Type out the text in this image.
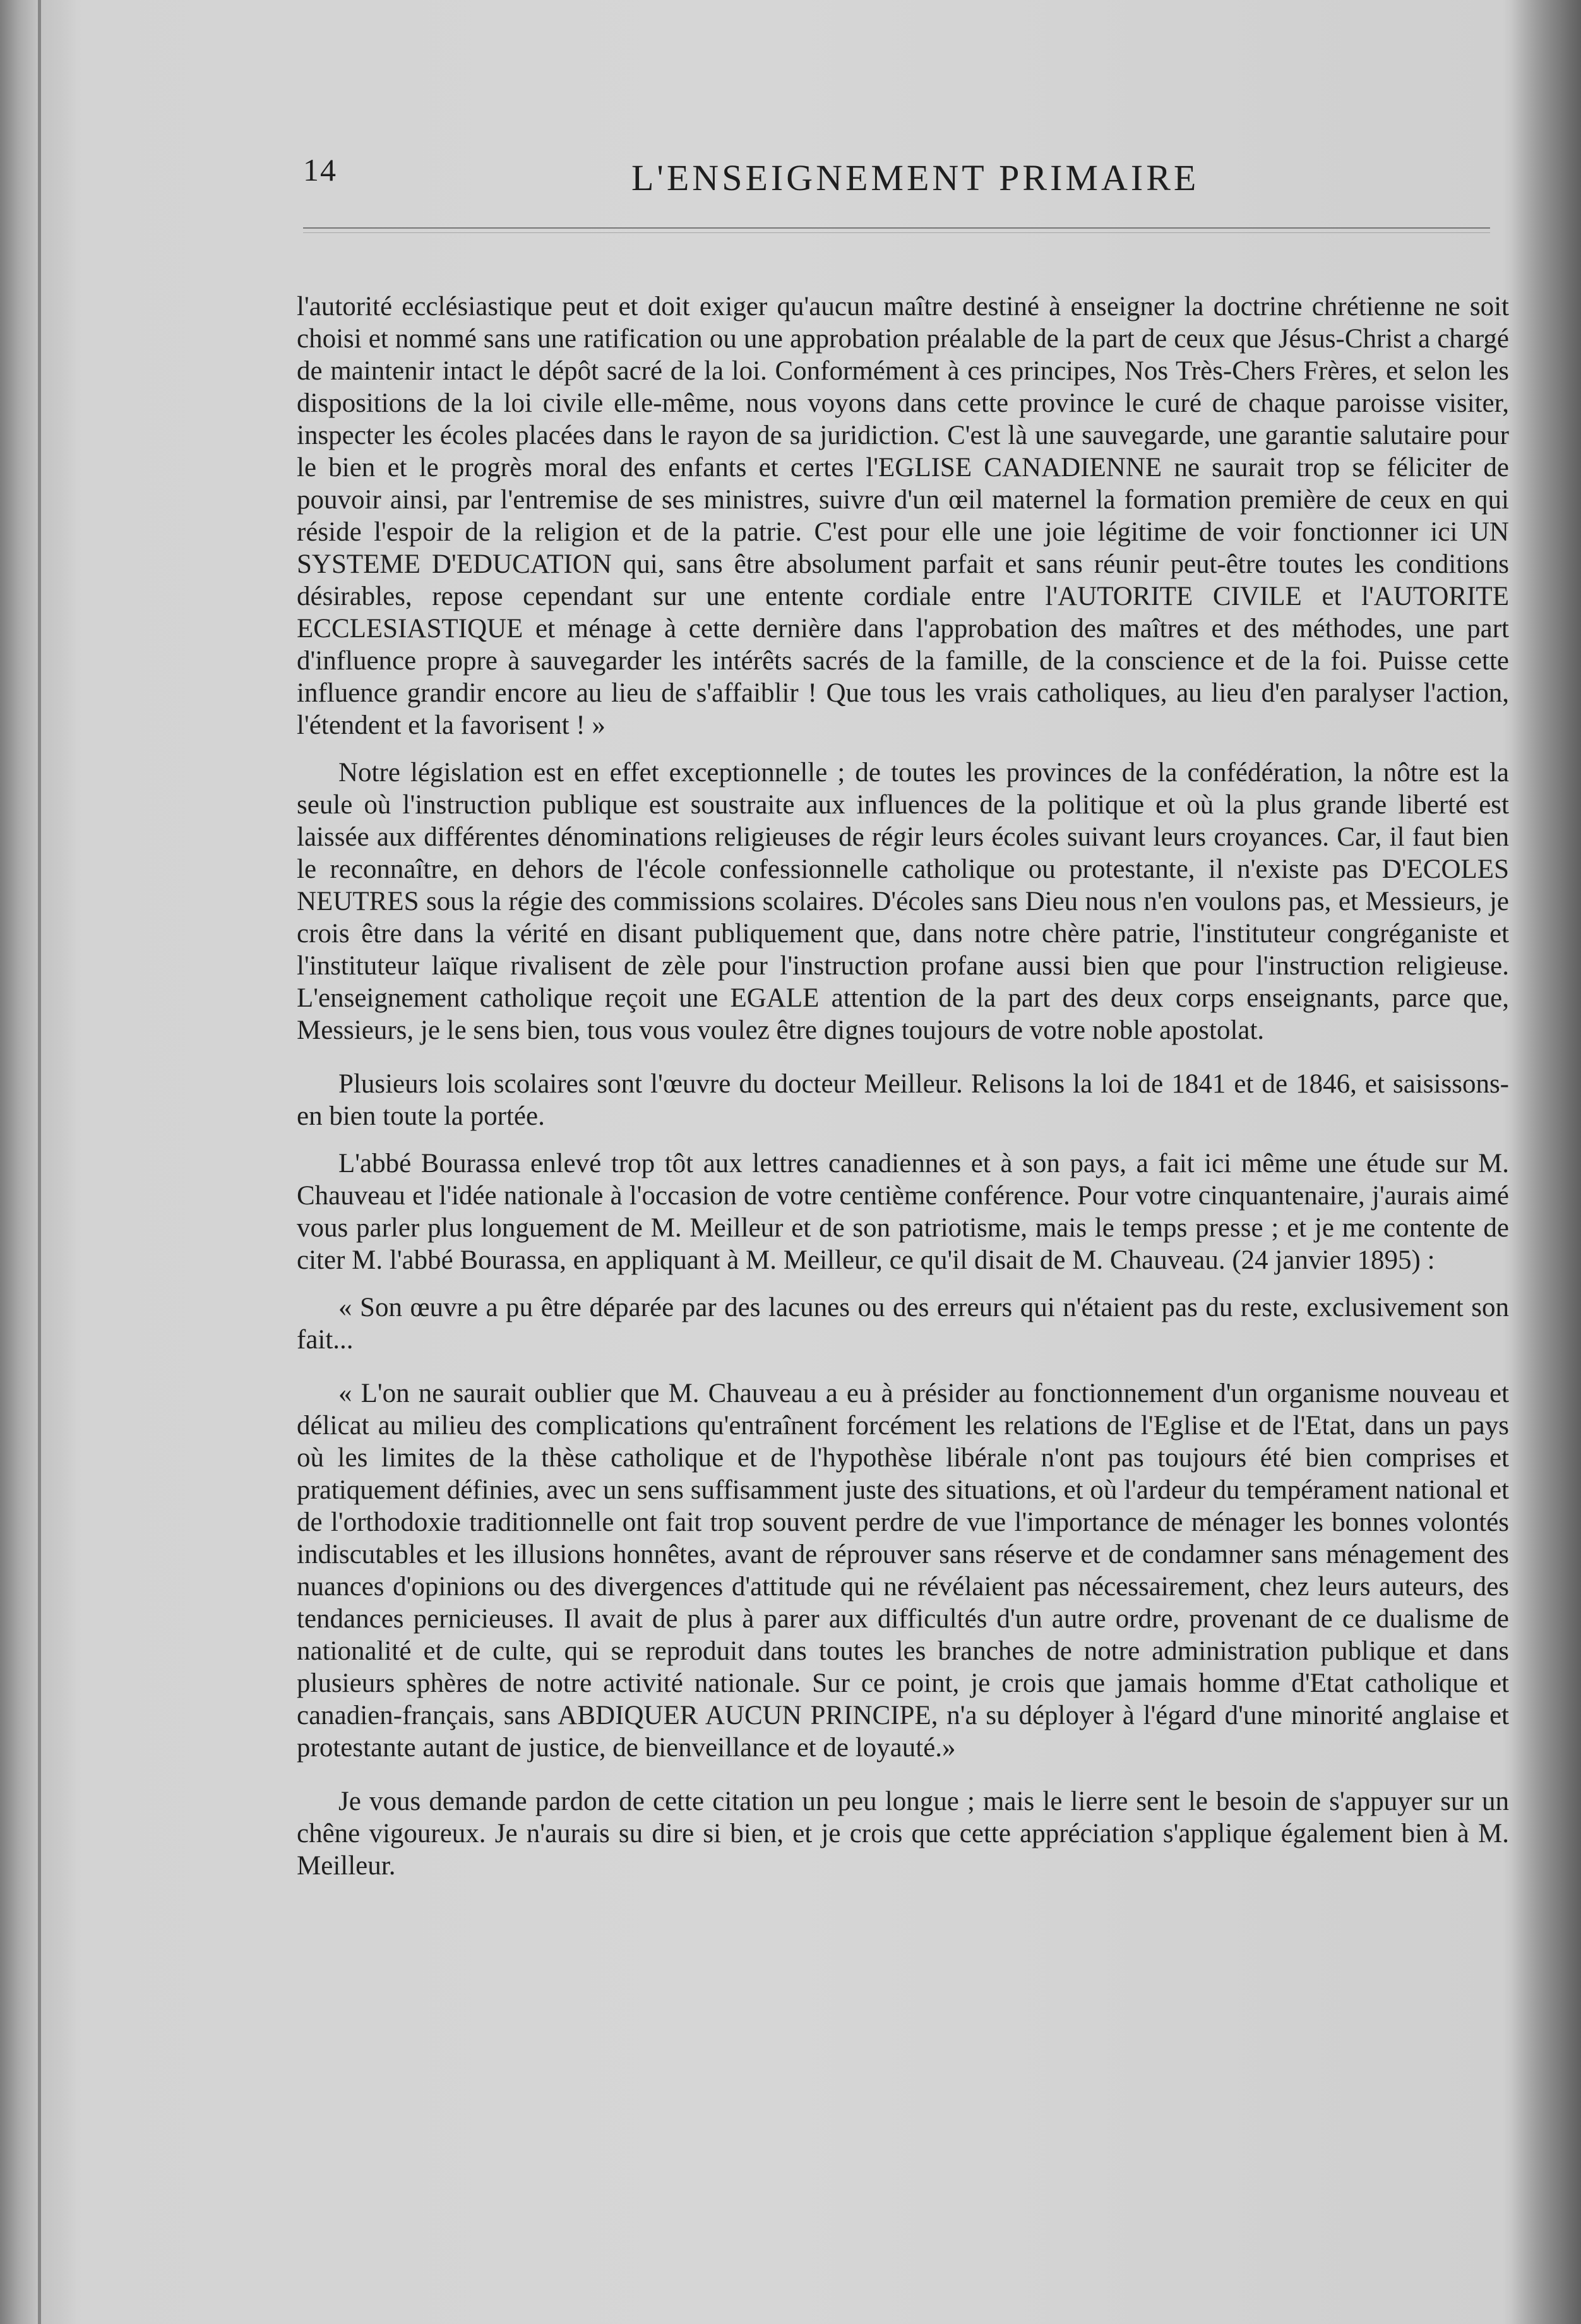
14	L'ENSEIGNEMENT PRIMAIRE

l'autorité ecclésiastique peut et doit exiger qu'aucun maître destiné à enseigner la doctrine chrétienne ne soit choisi et nommé sans une ratification ou une approbation préalable de la part de ceux que Jésus-Christ a chargé de maintenir intact le dépôt sacré de la loi. Conformément à ces principes, Nos Très-Chers Frères, et selon les dispositions de la loi civile elle-même, nous voyons dans cette province le curé de chaque paroisse visiter, inspecter les écoles placées dans le rayon de sa juridiction. C'est là une sauvegarde, une garantie salutaire pour le bien et le progrès moral des enfants et certes l'EGLISE CANADIENNE ne saurait trop se féliciter de pouvoir ainsi, par l'entremise de ses ministres, suivre d'un œil maternel la formation première de ceux en qui réside l'espoir de la religion et de la patrie. C'est pour elle une joie légitime de voir fonctionner ici UN SYSTEME D'EDUCATION qui, sans être absolument parfait et sans réunir peut-être toutes les conditions désirables, repose cependant sur une entente cordiale entre l'AUTORITE CIVILE et l'AUTORITE ECCLESIASTIQUE et ménage à cette dernière dans l'approbation des maîtres et des méthodes, une part d'influence propre à sauvegarder les intérêts sacrés de la famille, de la conscience et de la foi. Puisse cette influence grandir encore au lieu de s'affaiblir ! Que tous les vrais catholiques, au lieu d'en paralyser l'action, l'étendent et la favorisent ! »

Notre législation est en effet exceptionnelle ; de toutes les provinces de la confédération, la nôtre est la seule où l'instruction publique est soustraite aux influences de la politique et où la plus grande liberté est laissée aux différentes dénominations religieuses de régir leurs écoles suivant leurs croyances. Car, il faut bien le reconnaître, en dehors de l'école confessionnelle catholique ou protestante, il n'existe pas D'ECOLES NEUTRES sous la régie des commissions scolaires. D'écoles sans Dieu nous n'en voulons pas, et Messieurs, je crois être dans la vérité en disant publiquement que, dans notre chère patrie, l'instituteur congréganiste et l'instituteur laïque rivalisent de zèle pour l'instruction profane aussi bien que pour l'instruction religieuse. L'enseignement catholique reçoit une EGALE attention de la part des deux corps enseignants, parce que, Messieurs, je le sens bien, tous vous voulez être dignes toujours de votre noble apostolat.

Plusieurs lois scolaires sont l'œuvre du docteur Meilleur. Relisons la loi de 1841 et de 1846, et saisissons-en bien toute la portée.

L'abbé Bourassa enlevé trop tôt aux lettres canadiennes et à son pays, a fait ici même une étude sur M. Chauveau et l'idée nationale à l'occasion de votre centième conférence. Pour votre cinquantenaire, j'aurais aimé vous parler plus longuement de M. Meilleur et de son patriotisme, mais le temps presse ; et je me contente de citer M. l'abbé Bourassa, en appliquant à M. Meilleur, ce qu'il disait de M. Chauveau. (24 janvier 1895) :

« Son œuvre a pu être déparée par des lacunes ou des erreurs qui n'étaient pas du reste, exclusivement son fait...

« L'on ne saurait oublier que M. Chauveau a eu à présider au fonctionnement d'un organisme nouveau et délicat au milieu des complications qu'entraînent forcément les relations de l'Eglise et de l'Etat, dans un pays où les limites de la thèse catholique et de l'hypothèse libérale n'ont pas toujours été bien comprises et pratiquement définies, avec un sens suffisamment juste des situations, et où l'ardeur du tempérament national et de l'orthodoxie traditionnelle ont fait trop souvent perdre de vue l'importance de ménager les bonnes volontés indiscutables et les illusions honnêtes, avant de réprouver sans réserve et de condamner sans ménagement des nuances d'opinions ou des divergences d'attitude qui ne révélaient pas nécessairement, chez leurs auteurs, des tendances pernicieuses. Il avait de plus à parer aux difficultés d'un autre ordre, provenant de ce dualisme de nationalité et de culte, qui se reproduit dans toutes les branches de notre administration publique et dans plusieurs sphères de notre activité nationale. Sur ce point, je crois que jamais homme d'Etat catholique et canadien-français, sans ABDIQUER AUCUN PRINCIPE, n'a su déployer à l'égard d'une minorité anglaise et protestante autant de justice, de bienveillance et de loyauté.»

Je vous demande pardon de cette citation un peu longue ; mais le lierre sent le besoin de s'appuyer sur un chêne vigoureux. Je n'aurais su dire si bien, et je crois que cette appréciation s'applique également bien à M. Meilleur.
